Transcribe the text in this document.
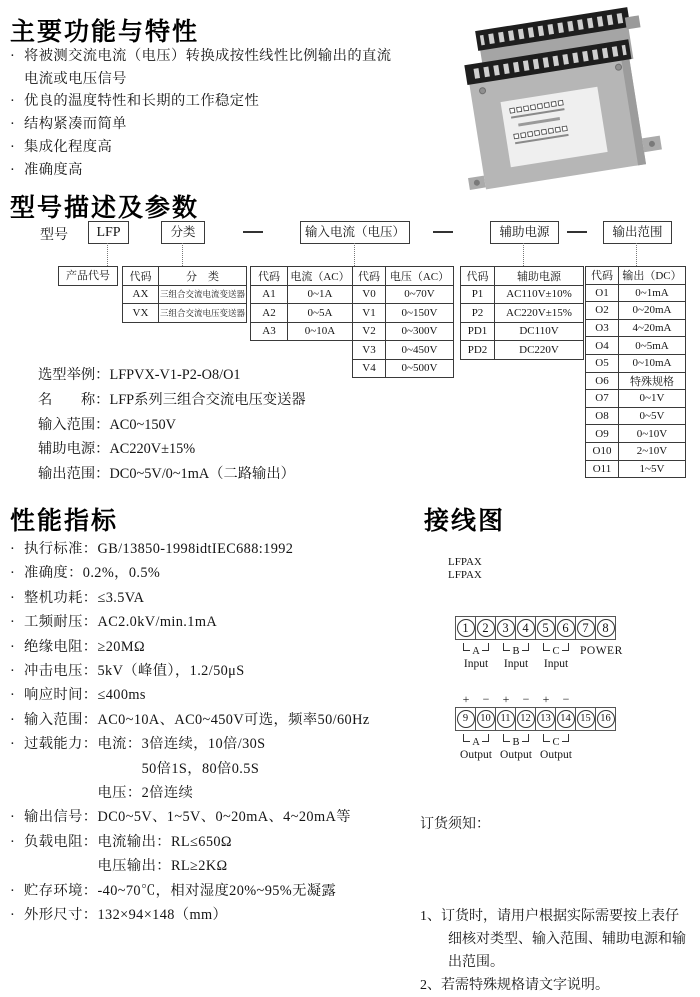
主要功能与特性
· 将被测交流电流（电压）转换成按性线性比例输出的直流
电流或电压信号
· 优良的温度特性和长期的工作稳定性
· 结构紧凑而简单
· 集成化程度高
· 准确度高
型号描述及参数
型号	LFP	分类	输入电流（电压）	辅助电源	输出范围
产品代号	代码	分　类
AX	三组合交流电流变送器
VX	三组合交流电压变送器
代码	电流（AC）
A1	0~1A
A2	0~5A
A3	0~10A
代码	电压（AC）
V0	0~70V
V1	0~150V
V2	0~300V
V3	0~450V
V4	0~500V
代码	辅助电源
P1	AC110V±10%
P2	AC220V±15%
PD1	DC110V
PD2	DC220V
代码	输出（DC）
O1	0~1mA
O2	0~20mA
O3	4~20mA
O4	0~5mA
O5	0~10mA
O6	特殊规格
O7	0~1V
O8	0~5V
O9	0~10V
O10	2~10V
O11	1~5V
选型举例：LFPVX-V1-P2-O8/O1
名　　称：LFP系列三组合交流电压变送器
输入范围：AC0~150V
辅助电源：AC220V±15%
输出范围：DC0~5V/0~1mA（二路输出）
性能指标
· 执行标准：GB/13850-1998idtIEC688:1992
· 准确度：0.2%，0.5%
· 整机功耗：≤3.5VA
· 工频耐压：AC2.0kV/min.1mA
· 绝缘电阻：≥20MΩ
· 冲击电压：5kV（峰值），1.2/50μS
· 响应时间：≤400ms
· 输入范围：AC0~10A、AC0~450V可选，频率50/60Hz
· 过载能力：电流：3倍连续，10倍/30S
　　　　　　　　50倍1S，80倍0.5S
　　　　　电压：2倍连续
· 输出信号：DC0~5V、1~5V、0~20mA、4~20mA等
· 负载电阻：电流输出：RL≤650Ω
　　　　　电压输出：RL≥2KΩ
· 贮存环境：-40~70℃，相对湿度20%~95%无凝露
· 外形尺寸：132×94×148（mm）
接线图
LFPAX
LFPAX
1	2	3	4	5	6	7	8
A
Input
B
Input
C
Input
POWER
+	−	+	−	+	−
9	10 11 12 13 14 15 16
A
Output
B
Output
C
Output
订货须知：

1、订货时，请用户根据实际需要按上表仔
　　细核对类型、输入范围、辅助电源和输
　　出范围。
2、若需特殊规格请文字说明。
